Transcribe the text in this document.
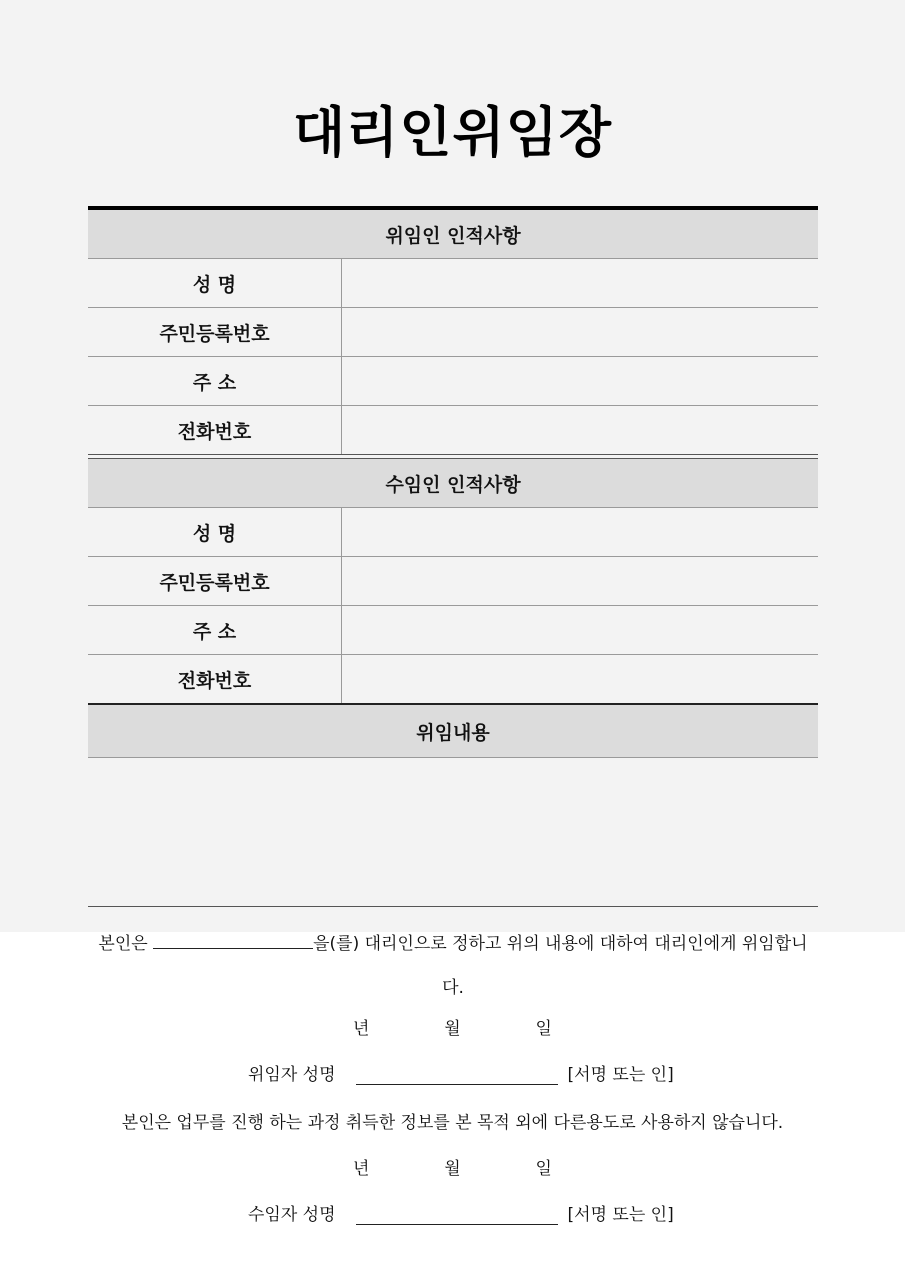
대리인위임장
위임인 인적사항
성 명
주민등록번호
주 소
전화번호
수임인 인적사항
성 명
주민등록번호
주 소
전화번호
위임내용
본인은	을(를) 대리인으로 정하고 위의 내용에 대하여 대리인에게 위임합니다.
년	월	일
위임자 성명	[서명 또는 인]
본인은 업무를 진행 하는 과정 취득한 정보를 본 목적 외에 다른용도로 사용하지 않습니다.
년	월	일
수임자 성명	[서명 또는 인]
